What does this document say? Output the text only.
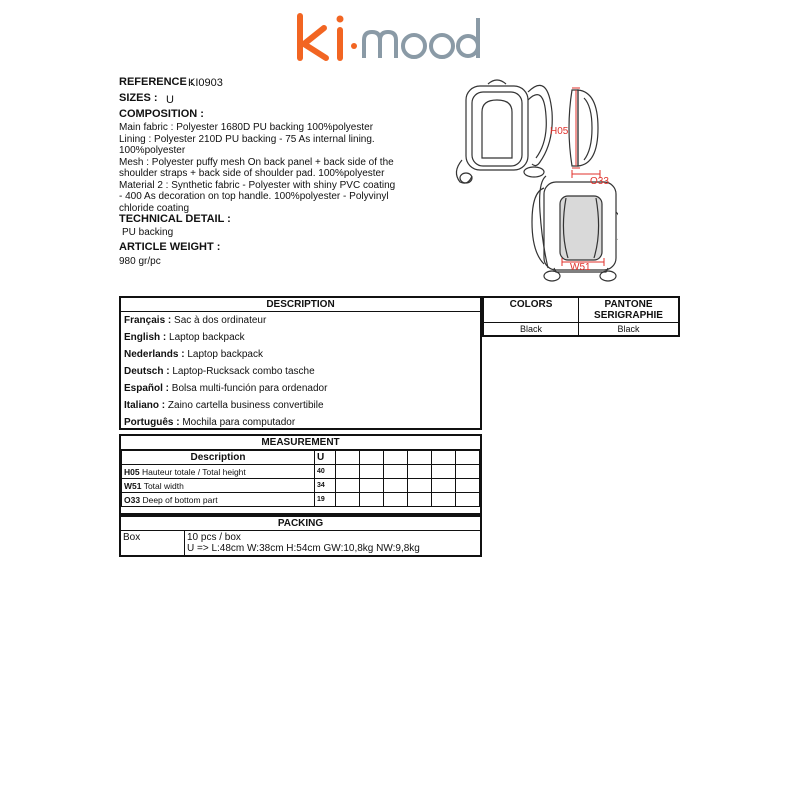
REFERENCE :
KI0903
SIZES : U
COMPOSITION :
Main fabric : Polyester 1680D PU backing 100%polyester
Lining : Polyester 210D PU backing - 75 As internal lining.
100%polyester
Mesh : Polyester puffy mesh On back panel + back side of the
shoulder straps + back side of shoulder pad. 100%polyester
Material 2 : Synthetic fabric - Polyester with shiny PVC coating
- 400 As decoration on top handle. 100%polyester - Polyvinyl
chloride coating
TECHNICAL DETAIL :
PU backing
ARTICLE WEIGHT :
980 gr/pc
H05
O33
W51
DESCRIPTION
Français : Sac à dos ordinateur
English : Laptop backpack
Nederlands : Laptop backpack
Deutsch : Laptop-Rucksack combo tasche
Español : Bolsa multi-función para ordenador
Italiano : Zaino cartella business convertibile
Português : Mochila para computador
COLORS	PANTONE SERIGRAPHIE
Black	Black
MEASUREMENT
Description	U						
H05 Hauteur totale / Total height	40						
W51 Total width	34						
O33 Deep of bottom part	19						
PACKING
Box	10 pcs / box
U => L:48cm W:38cm H:54cm GW:10,8kg NW:9,8kg
